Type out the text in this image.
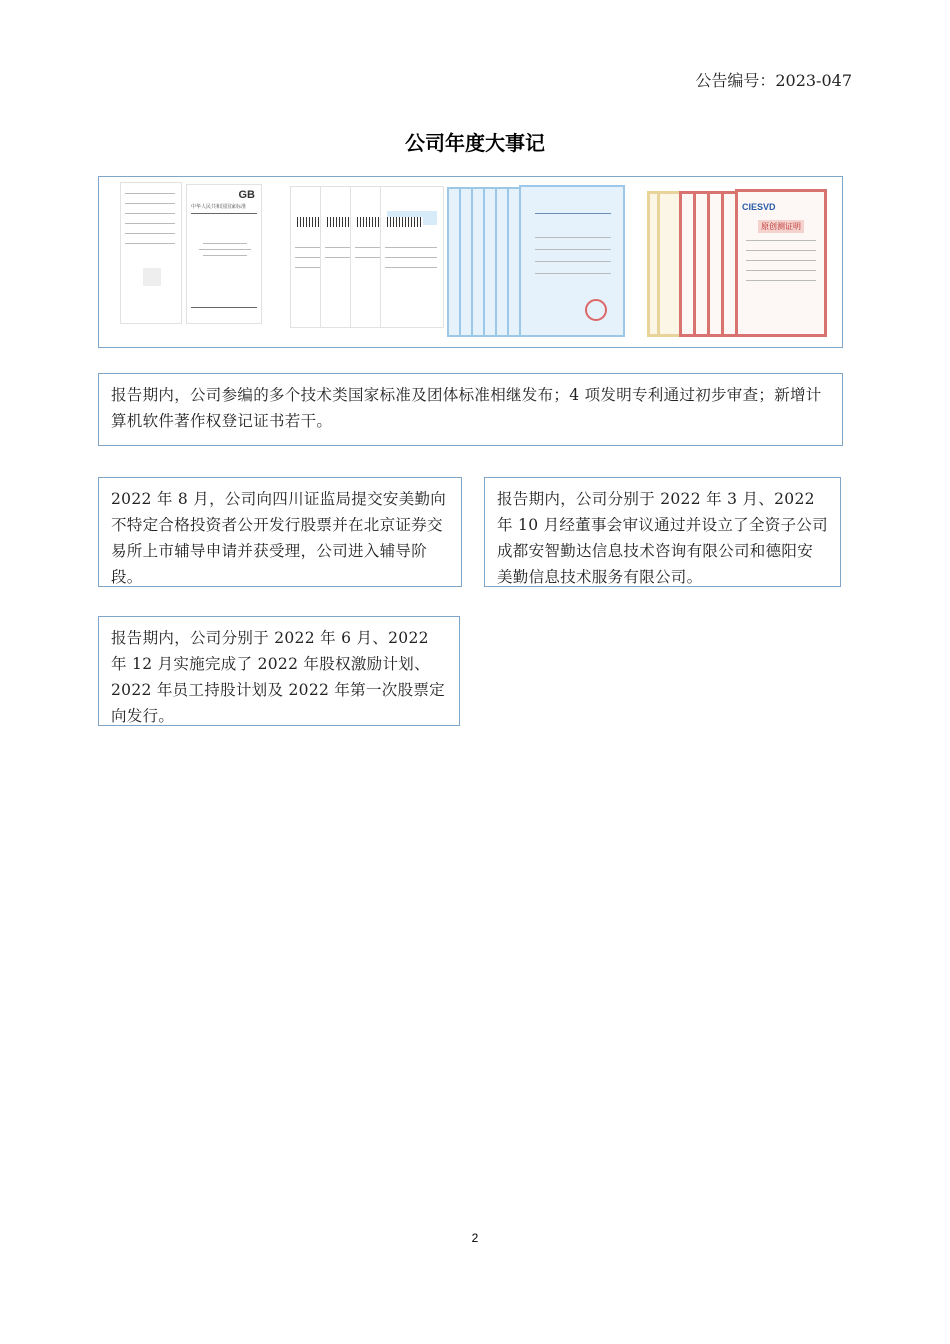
公告编号：2023-047
公司年度大事记
GB
中华人民共和国国家标准	CIESVD
原创测证明

报告期内，公司参编的多个技术类国家标准及团体标准相继发布；4 项发明专利通过初步审查；新增计算机软件著作权登记证书若干。

2022 年 8 月，公司向四川证监局提交安美勤向不特定合格投资者公开发行股票并在北京证券交易所上市辅导申请并获受理，公司进入辅导阶段。

报告期内，公司分别于 2022 年 3 月、2022 年 10 月经董事会审议通过并设立了全资子公司成都安智勤达信息技术咨询有限公司和德阳安美勤信息技术服务有限公司。

报告期内，公司分别于 2022 年 6 月、2022 年 12 月实施完成了 2022 年股权激励计划、2022 年员工持股计划及 2022 年第一次股票定向发行。

2
